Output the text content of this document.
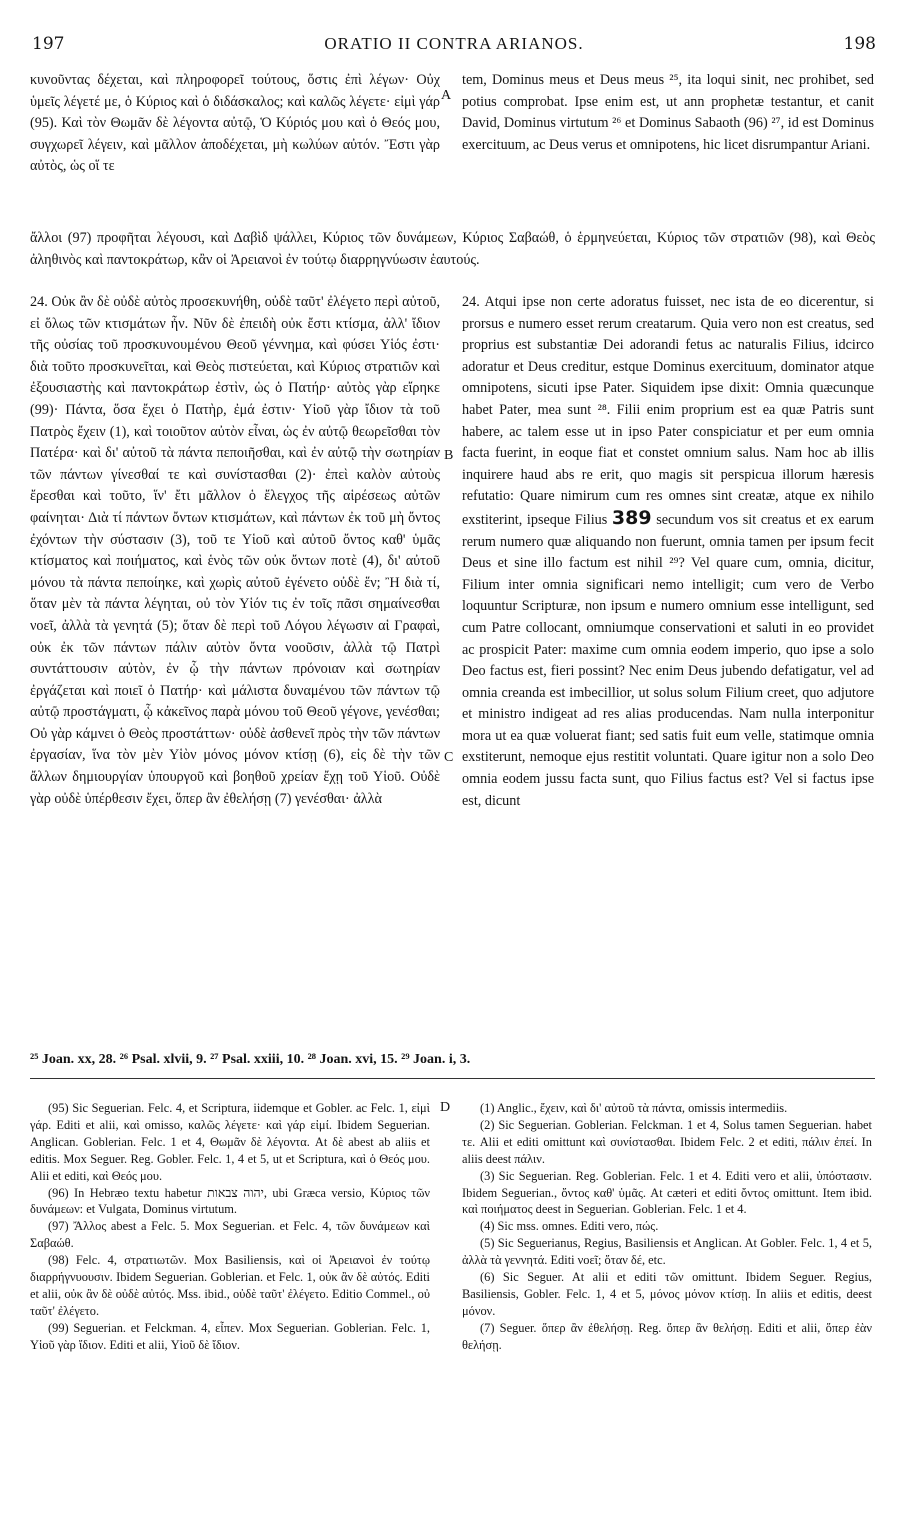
197	ORATIO II CONTRA ARIANOS.	198

κυνοῦντας δέχεται, καὶ πληροφορεῖ τούτους, ὅστις ἐπὶ λέγων· Οὐχ ὑμεῖς λέγετέ με, ὁ Κύριος καὶ ὁ διδάσκαλος; καὶ καλῶς λέγετε· εἰμὶ γάρ (95). Καὶ τὸν Θωμᾶν δὲ λέγοντα αὐτῷ, Ὁ Κύριός μου καὶ ὁ Θεός μου, συγχωρεῖ λέγειν, καὶ μᾶλλον ἀποδέχεται, μὴ κωλύων αὐτόν. Ἔστι γὰρ αὐτὸς, ὡς οἵ τε

tem, Dominus meus et Deus meus ²⁵, ita loqui sinit, nec prohibet, sed potius comprobat. Ipse enim est, ut ann prophetæ testantur, et canit David, Dominus virtutum ²⁶ et Dominus Sabaoth (96) ²⁷, id est Dominus exercituum, ac Deus verus et omnipotens, hic licet disrumpantur Ariani.

A

ἄλλοι (97) προφῆται λέγουσι, καὶ Δαβὶδ ψάλλει, Κύριος τῶν δυνάμεων, Κύριος Σαβαώθ, ὁ ἑρμηνεύεται, Κύριος τῶν στρατιῶν (98), καὶ Θεὸς ἀληθινὸς καὶ παντοκράτωρ, κἂν οἱ Ἀρειανοὶ ἐν τούτῳ διαρρηγνύωσιν ἑαυτούς.

24. Οὐκ ἂν δὲ οὐδὲ αὐτὸς προσεκυνήθη, οὐδὲ ταῦτ' ἐλέγετο περὶ αὐτοῦ, εἰ ὅλως τῶν κτισμάτων ἦν. Νῦν δὲ ἐπειδὴ οὐκ ἔστι κτίσμα, ἀλλ' ἴδιον τῆς οὐσίας τοῦ προσκυνουμένου Θεοῦ γέννημα, καὶ φύσει Υἱός ἐστι· διὰ τοῦτο προσκυνεῖται, καὶ Θεὸς πιστεύεται, καὶ Κύριος στρατιῶν καὶ ἐξουσιαστὴς καὶ παντοκράτωρ ἐστὶν, ὡς ὁ Πατήρ· αὐτὸς γὰρ εἴρηκε (99)· Πάντα, ὅσα ἔχει ὁ Πατὴρ, ἐμά ἐστιν· Υἱοῦ γὰρ ἴδιον τὰ τοῦ Πατρὸς ἔχειν (1), καὶ τοιοῦτον αὐτὸν εἶναι, ὡς ἐν αὐτῷ θεωρεῖσθαι τὸν Πατέρα· καὶ δι' αὐτοῦ τὰ πάντα πεποιῆσθαι, καὶ ἐν αὐτῷ τὴν σωτηρίαν τῶν πάντων γίνεσθαί τε καὶ συνίστασθαι (2)· ἐπεὶ καλὸν αὐτοὺς ἔρεσθαι καὶ τοῦτο, ἵν' ἔτι μᾶλλον ὁ ἔλεγχος τῆς αἱρέσεως αὐτῶν φαίνηται· Διὰ τί πάντων ὄντων κτισμάτων, καὶ πάντων ἐκ τοῦ μὴ ὄντος ἐχόντων τὴν σύστασιν (3), τοῦ τε Υἱοῦ καὶ αὐτοῦ ὄντος καθ' ὑμᾶς κτίσματος καὶ ποιήματος, καὶ ἑνὸς τῶν οὐκ ὄντων ποτὲ (4), δι' αὐτοῦ μόνου τὰ πάντα πεποίηκε, καὶ χωρὶς αὐτοῦ ἐγένετο οὐδὲ ἕν; Ἢ διὰ τί, ὅταν μὲν τὰ πάντα λέγηται, οὐ τὸν Υἱόν τις ἐν τοῖς πᾶσι σημαίνεσθαι νοεῖ, ἀλλὰ τὰ γενητά (5); ὅταν δὲ περὶ τοῦ Λόγου λέγωσιν αἱ Γραφαὶ, οὐκ ἐκ τῶν πάντων πάλιν αὐτὸν ὄντα νοοῦσιν, ἀλλὰ τῷ Πατρὶ συντάττουσιν αὐτὸν, ἐν ᾧ τὴν πάντων πρόνοιαν καὶ σωτηρίαν ἐργάζεται καὶ ποιεῖ ὁ Πατήρ· καὶ μάλιστα δυναμένου τῶν πάντων τῷ αὐτῷ προστάγματι, ᾧ κἀκεῖνος παρὰ μόνου τοῦ Θεοῦ γέγονε, γενέσθαι; Οὐ γὰρ κάμνει ὁ Θεὸς προστάττων· οὐδὲ ἀσθενεῖ πρὸς τὴν τῶν πάντων ἐργασίαν, ἵνα τὸν μὲν Υἱὸν μόνος μόνον κτίσῃ (6), εἰς δὲ τὴν τῶν ἄλλων δημιουργίαν ὑπουργοῦ καὶ βοηθοῦ χρείαν ἔχῃ τοῦ Υἱοῦ. Οὐδὲ γὰρ οὐδὲ ὑπέρθεσιν ἔχει, ὅπερ ἂν ἐθελήσῃ (7) γενέσθαι· ἀλλὰ

24. Atqui ipse non certe adoratus fuisset, nec ista de eo dicerentur, si prorsus e numero esset rerum creatarum. Quia vero non est creatus, sed proprius est substantiæ Dei adorandi fetus ac naturalis Filius, idcirco adoratur et Deus creditur, estque Dominus exercituum, dominator atque omnipotens, sicuti ipse Pater. Siquidem ipse dixit: Omnia quæcunque habet Pater, mea sunt ²⁸. Filii enim proprium est ea quæ Patris sunt habere, ac talem esse ut in ipso Pater conspiciatur et per eum omnia facta fuerint, in eoque fiat et constet omnium salus. Nam hoc ab illis inquirere haud abs re erit, quo magis sit perspicua illorum hæresis refutatio: Quare nimirum cum res omnes sint creatæ, atque ex nihilo exstiterint, ipseque Filius 389 secundum vos sit creatus et ex earum rerum numero quæ aliquando non fuerunt, omnia tamen per ipsum fecit Deus et sine illo factum est nihil ²⁹? Vel quare cum, omnia, dicitur, Filium inter omnia significari nemo intelligit; cum vero de Verbo loquuntur Scripturæ, non ipsum e numero omnium esse intelligunt, sed cum Patre collocant, omniumque conservationi et saluti in eo providet ac prospicit Pater: maxime cum omnia eodem imperio, quo ipse a solo Deo factus est, fieri possint? Nec enim Deus jubendo defatigatur, vel ad omnia creanda est imbecillior, ut solus solum Filium creet, quo adjutore et ministro indigeat ad res alias producendas. Nam nulla interponitur mora ut ea quæ voluerat fiant; sed satis fuit eum velle, statimque omnia exstiterunt, nemoque ejus restitit voluntati. Quare igitur non a solo Deo omnia eodem jussu facta sunt, quo Filius factus est? Vel si factus ipse est, dicunt

B
C
²⁵ Joan. xx, 28. ²⁶ Psal. xlvii, 9. ²⁷ Psal. xxiii, 10. ²⁸ Joan. xvi, 15. ²⁹ Joan. i, 3.
D

(95) Sic Seguerian. Felc. 4, et Scriptura, iidemque et Gobler. ac Felc. 1, εἰμὶ γάρ. Editi et alii, καὶ omisso, καλῶς λέγετε· καὶ γάρ εἰμί. Ibidem Seguerian. Anglican. Goblerian. Felc. 1 et 4, Θωμᾶν δὲ λέγοντα. At δὲ abest ab aliis et editis. Mox Seguer. Reg. Gobler. Felc. 1, 4 et 5, ut et Scriptura, καὶ ὁ Θεός μου. Alii et editi, καὶ Θεός μου.

(96) In Hebræo textu habetur יהוה צבאות, ubi Græca versio, Κύριος τῶν δυνάμεων: et Vulgata, Dominus virtutum.

(97) Ἄλλος abest a Felc. 5. Mox Seguerian. et Felc. 4, τῶν δυνάμεων καὶ Σαβαώθ.

(98) Felc. 4, στρατιωτῶν. Mox Basiliensis, καὶ οἱ Ἀρειανοὶ ἐν τούτῳ διαρρήγνυουσιν. Ibidem Seguerian. Goblerian. et Felc. 1, οὐκ ἂν δὲ αὐτός. Editi et alii, οὐκ ἂν δὲ οὐδὲ αὐτός. Mss. ibid., οὐδὲ ταῦτ' ἐλέγετο. Editio Commel., οὐ ταῦτ' ἐλέγετο.

(99) Seguerian. et Felckman. 4, εἶπεν. Mox Seguerian. Goblerian. Felc. 1, Υἱοῦ γὰρ ἴδιον. Editi et alii, Υἱοῦ δὲ ἴδιον.

(1) Anglic., ἔχειν, καὶ δι' αὐτοῦ τὰ πάντα, omissis intermediis.

(2) Sic Seguerian. Goblerian. Felckman. 1 et 4, Solus tamen Seguerian. habet τε. Alii et editi omittunt καὶ συνίστασθαι. Ibidem Felc. 2 et editi, πάλιν ἐπεί. In aliis deest πάλιν.

(3) Sic Seguerian. Reg. Goblerian. Felc. 1 et 4. Editi vero et alii, ὑπόστασιν. Ibidem Seguerian., ὄντος καθ' ὑμᾶς. At cæteri et editi ὄντος omittunt. Item ibid. καὶ ποιήματος deest in Seguerian. Goblerian. Felc. 1 et 4.

(4) Sic mss. omnes. Editi vero, πώς.

(5) Sic Seguerianus, Regius, Basiliensis et Anglican. At Gobler. Felc. 1, 4 et 5, ἀλλὰ τὰ γεννητά. Editi νοεῖ; ὅταν δέ, etc.

(6) Sic Seguer. At alii et editi τῶν omittunt. Ibidem Seguer. Regius, Basiliensis, Gobler. Felc. 1, 4 et 5, μόνος μόνον κτίσῃ. In aliis et editis, deest μόνον.

(7) Seguer. ὅπερ ἂν ἐθελήσῃ. Reg. ὅπερ ἂν θελήσῃ. Editi et alii, ὅπερ ἐὰν θελήσῃ.
